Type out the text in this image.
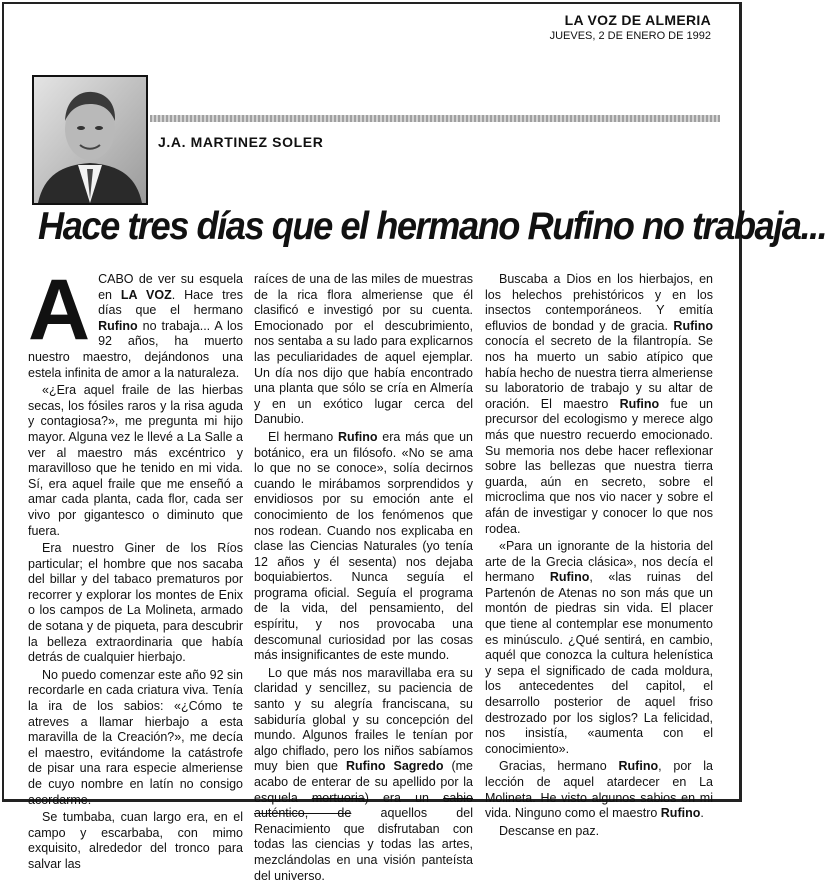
LA VOZ DE ALMERIA
JUEVES, 2 DE ENERO DE 1992
J.A. MARTINEZ SOLER
Hace tres días que el hermano Rufino no trabaja...
A CABO de ver su esquela en LA VOZ. Hace tres días que el hermano Rufino no trabaja... A los 92 años, ha muerto nuestro maestro, dejándonos una estela infinita de amor a la naturaleza.

«¿Era aquel fraile de las hierbas secas, los fósiles raros y la risa aguda y contagiosa?», me pregunta mi hijo mayor. Alguna vez le llevé a La Salle a ver al maestro más excéntrico y maravilloso que he tenido en mi vida. Sí, era aquel fraile que me enseñó a amar cada planta, cada flor, cada ser vivo por gigantesco o diminuto que fuera.

Era nuestro Giner de los Ríos particular; el hombre que nos sacaba del billar y del tabaco prematuros por recorrer y explorar los montes de Enix o los campos de La Molineta, armado de sotana y de piqueta, para descubrir la belleza extraordinaria que había detrás de cualquier hierbajo.

No puedo comenzar este año 92 sin recordarle en cada criatura viva. Tenía la ira de los sabios: «¿Cómo te atreves a llamar hierbajo a esta maravilla de la Creación?», me decía el maestro, evitándome la catástrofe de pisar una rara especie almeriense de cuyo nombre en latín no consigo acordarme.

Se tumbaba, cuan largo era, en el campo y escarbaba, con mimo exquisito, alrededor del tronco para salvar las

raíces de una de las miles de muestras de la rica flora almeriense que él clasificó e investigó por su cuenta. Emocionado por el descubrimiento, nos sentaba a su lado para explicarnos las peculiaridades de aquel ejemplar. Un día nos dijo que había encontrado una planta que sólo se cría en Almería y en un exótico lugar cerca del Danubio.

El hermano Rufino era más que un botánico, era un filósofo. «No se ama lo que no se conoce», solía decirnos cuando le mirábamos sorprendidos y envidiosos por su emoción ante el conocimiento de los fenómenos que nos rodean. Cuando nos explicaba en clase las Ciencias Naturales (yo tenía 12 años y él sesenta) nos dejaba boquiabiertos. Nunca seguía el programa oficial. Seguía el programa de la vida, del pensamiento, del espíritu, y nos provocaba una descomunal curiosidad por las cosas más insignificantes de este mundo.

Lo que más nos maravillaba era su claridad y sencillez, su paciencia de santo y su alegría franciscana, su sabiduría global y su concepción del mundo. Algunos frailes le tenían por algo chiflado, pero los niños sabíamos muy bien que Rufino Sagredo (me acabo de enterar de su apellido por la esquela mortuoria) era un sabio auténtico, de aquellos del Renacimiento que disfrutaban con todas las ciencias y todas las artes, mezclándolas en una visión panteísta del universo.

Buscaba a Dios en los hierbajos, en los helechos prehistóricos y en los insectos contemporáneos. Y emitía efluvios de bondad y de gracia. Rufino conocía el secreto de la filantropía. Se nos ha muerto un sabio atípico que había hecho de nuestra tierra almeriense su laboratorio de trabajo y su altar de oración. El maestro Rufino fue un precursor del ecologismo y merece algo más que nuestro recuerdo emocionado. Su memoria nos debe hacer reflexionar sobre las bellezas que nuestra tierra guarda, aún en secreto, sobre el microclima que nos vio nacer y sobre el afán de investigar y conocer lo que nos rodea.

«Para un ignorante de la historia del arte de la Grecia clásica», nos decía el hermano Rufino, «las ruinas del Partenón de Atenas no son más que un montón de piedras sin vida. El placer que tiene al contemplar ese monumento es minúsculo. ¿Qué sentirá, en cambio, aquél que conozca la cultura helenística y sepa el significado de cada moldura, los antecedentes del capitol, el desarrollo posterior de aquel friso destrozado por los siglos? La felicidad, nos insistía, «aumenta con el conocimiento».

Gracias, hermano Rufino, por la lección de aquel atardecer en La Molineta. He visto algunos sabios en mi vida. Ninguno como el maestro Rufino.

Descanse en paz.
